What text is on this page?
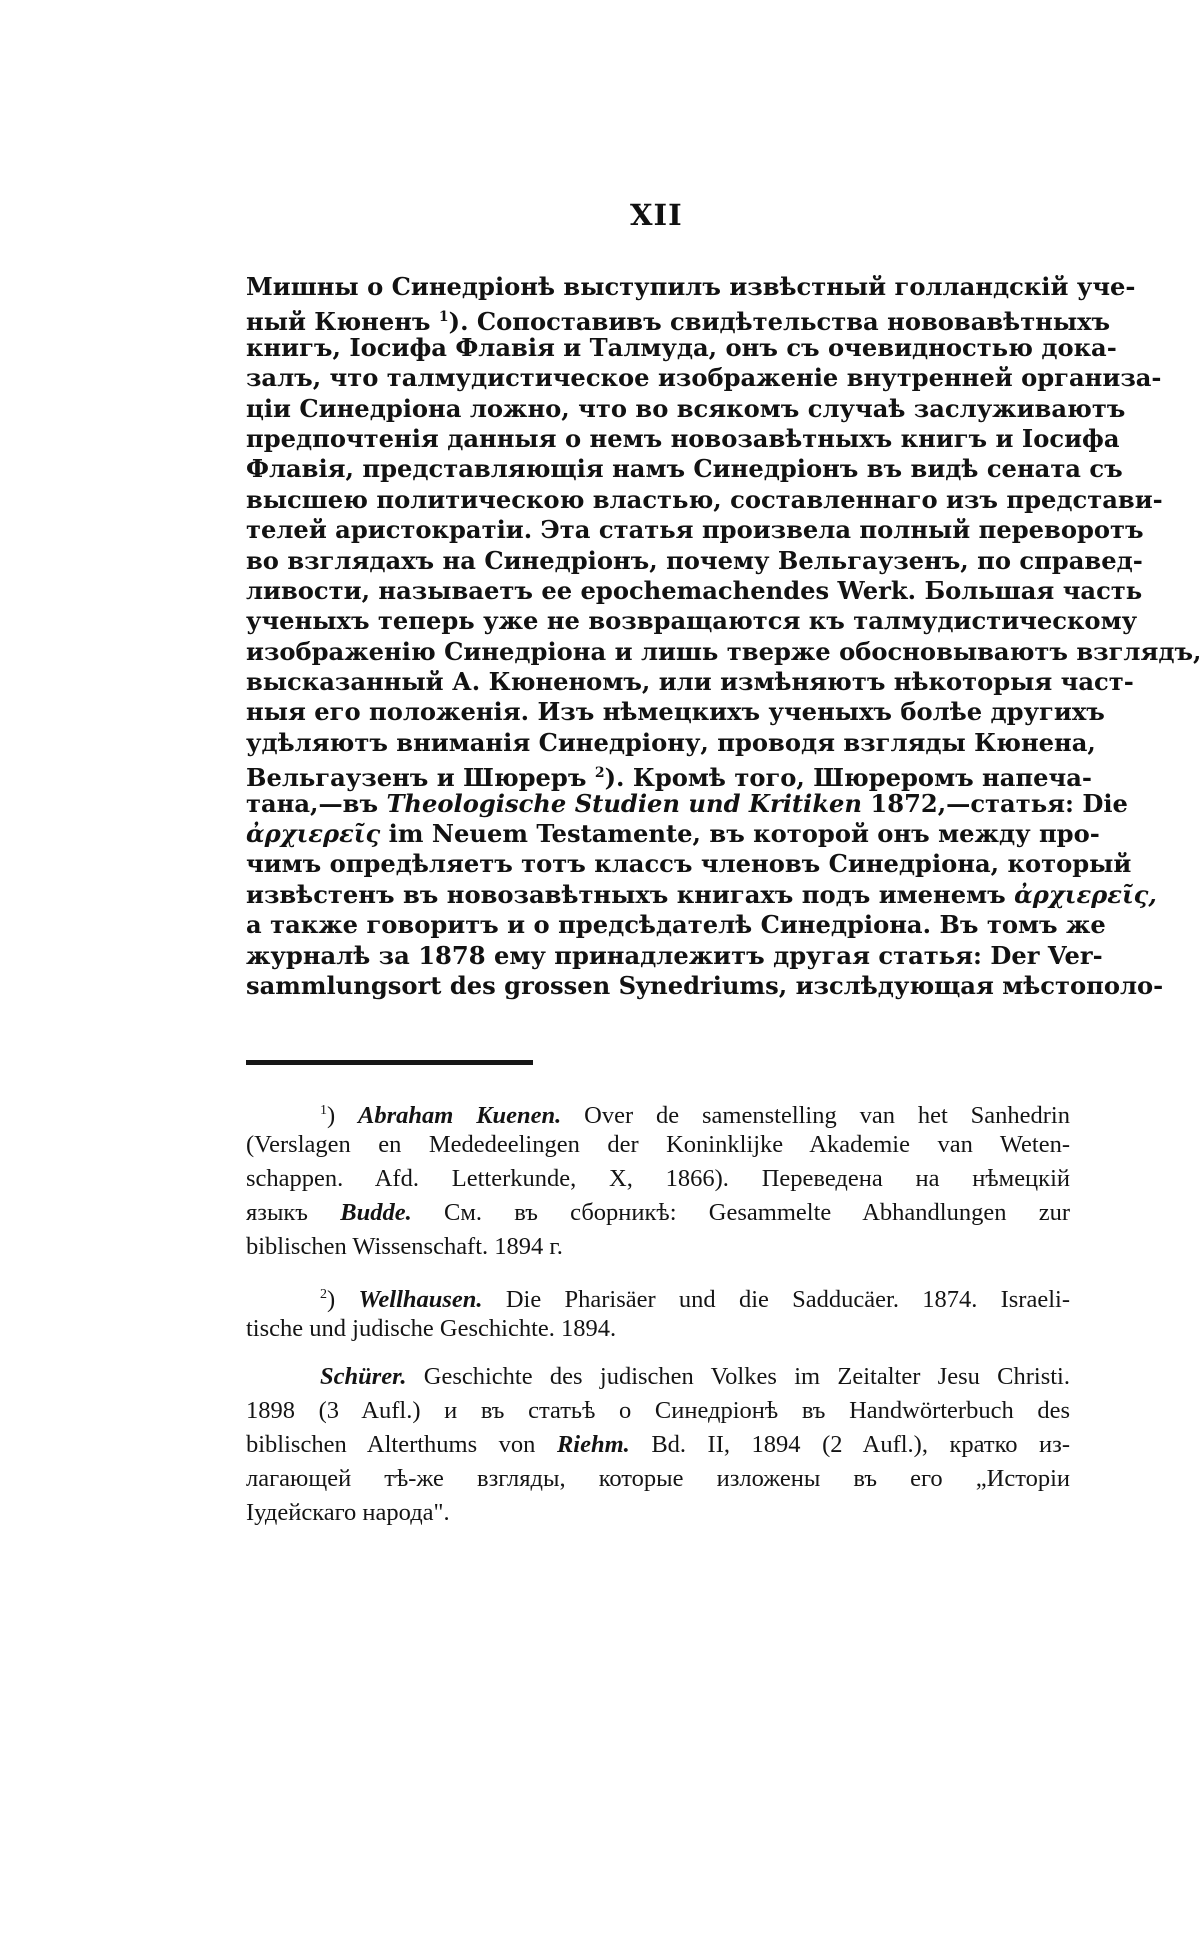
XII
Мишны о Синедріонѣ выступилъ извѣстный голландскій уче-
ный Кюненъ $^1$). Сопоставивъ свидѣтельства нововавѣтныхъ
книгъ, Іосифа Флавія и Талмуда, онъ съ очевидностью дока-
залъ, что талмудистическое изображеніе внутренней организа-
ціи Синедріона ложно, что во всякомъ случаѣ заслуживаютъ
предпочтенія данныя о немъ новозавѣтныхъ книгъ и Іосифа
Флавія, представляющія намъ Синедріонъ въ видѣ сената съ
высшею политическою властью, составленнаго изъ представи-
телей аристократіи. Эта статья произвела полный переворотъ
во взглядахъ на Синедріонъ, почему Вельгаузенъ, по справед-
ливости, называетъ ее epochemachendes Werk. Большая часть
ученыхъ теперь уже не возвращаются къ талмудистическому
изображенію Синедріона и лишь тверже обосновываютъ взглядъ,
высказанный А. Кюненомъ, или измѣняютъ нѣкоторыя част-
ныя его положенія. Изъ нѣмецкихъ ученыхъ болѣе другихъ
удѣляютъ вниманія Синедріону, проводя взгляды Кюнена,
Вельгаузенъ и Шюреръ $^2$). Кромѣ того, Шюреромъ напеча-
тана,—въ Theologische Studien und Kritiken 1872,—статья: Die
ἀρχιερεῖς im Neuem Testamente, въ которой онъ между про-
чимъ опредѣляетъ тотъ классъ членовъ Синедріона, который
извѣстенъ въ новозавѣтныхъ книгахъ подъ именемъ ἀρχιερεῖς,
а также говоритъ и о предсѣдателѣ Синедріона. Въ томъ же
журналѣ за 1878 ему принадлежитъ другая статья: Der Ver-
sammlungsort des grossen Synedriums, изслѣдующая мѣстополо-
$^1$) Abraham Kuenen. Over de samenstelling van het Sanhedrin
(Verslagen en Mededeelingen der Koninklijke Akademie van Weten-
schappen. Afd. Letterkunde, X, 1866). Переведена на нѣмецкій
языкъ Budde. См. въ сборникѣ: Gesammelte Abhandlungen zur
biblischen Wissenschaft. 1894 г.
$^2$) Wellhausen. Die Pharisäer und die Sadducäer. 1874. Israeli-
tische und judische Geschichte. 1894.
Schürer. Geschichte des judischen Volkes im Zeitalter Jesu Christi.
1898 (3 Aufl.) и въ статьѣ о Синедріонѣ въ Handwörterbuch des
biblischen Alterthums von Riehm. Bd. II, 1894 (2 Aufl.), кратко из-
лагающей тѣ-же взгляды, которые изложены въ его „Исторіи
Іудейскаго народа".
